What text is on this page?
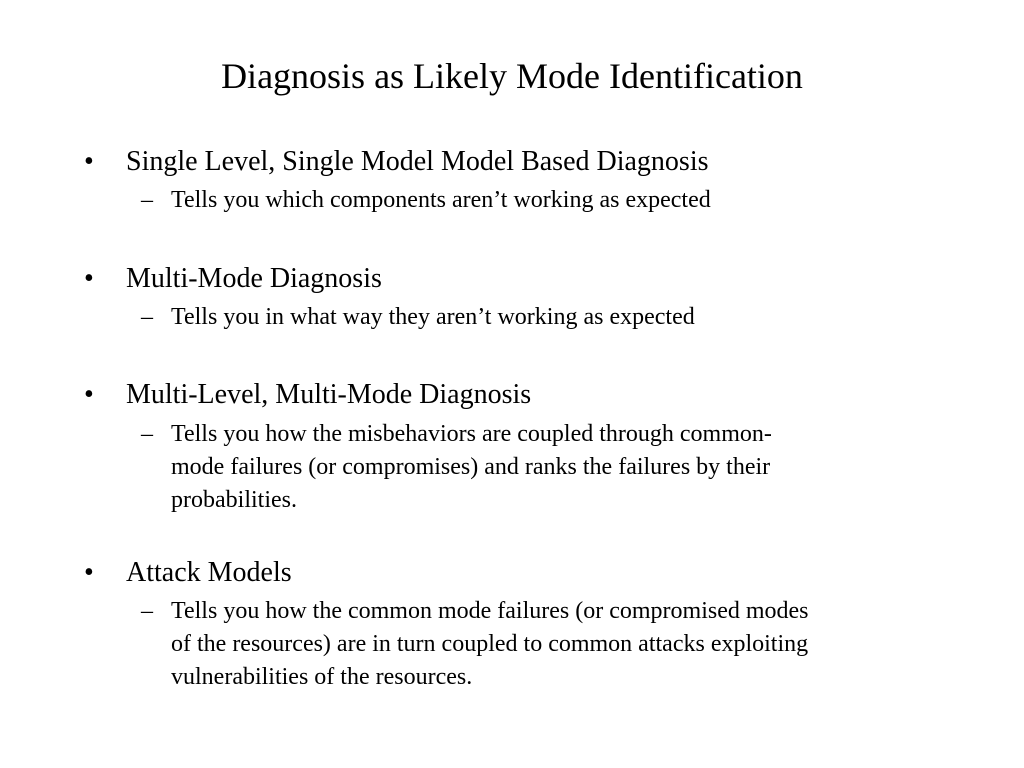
Diagnosis as Likely Mode Identification
• Single Level, Single Model Model Based Diagnosis
– Tells you which components aren’t working as expected
• Multi-Mode Diagnosis
– Tells you in what way they aren’t working as expected
• Multi-Level, Multi-Mode Diagnosis
– Tells you how the misbehaviors are coupled through common-
mode failures (or compromises) and ranks the failures by their
probabilities.
• Attack Models
– Tells you how the common mode failures (or compromised modes
of the resources) are in turn coupled to common attacks exploiting
vulnerabilities of the resources.
